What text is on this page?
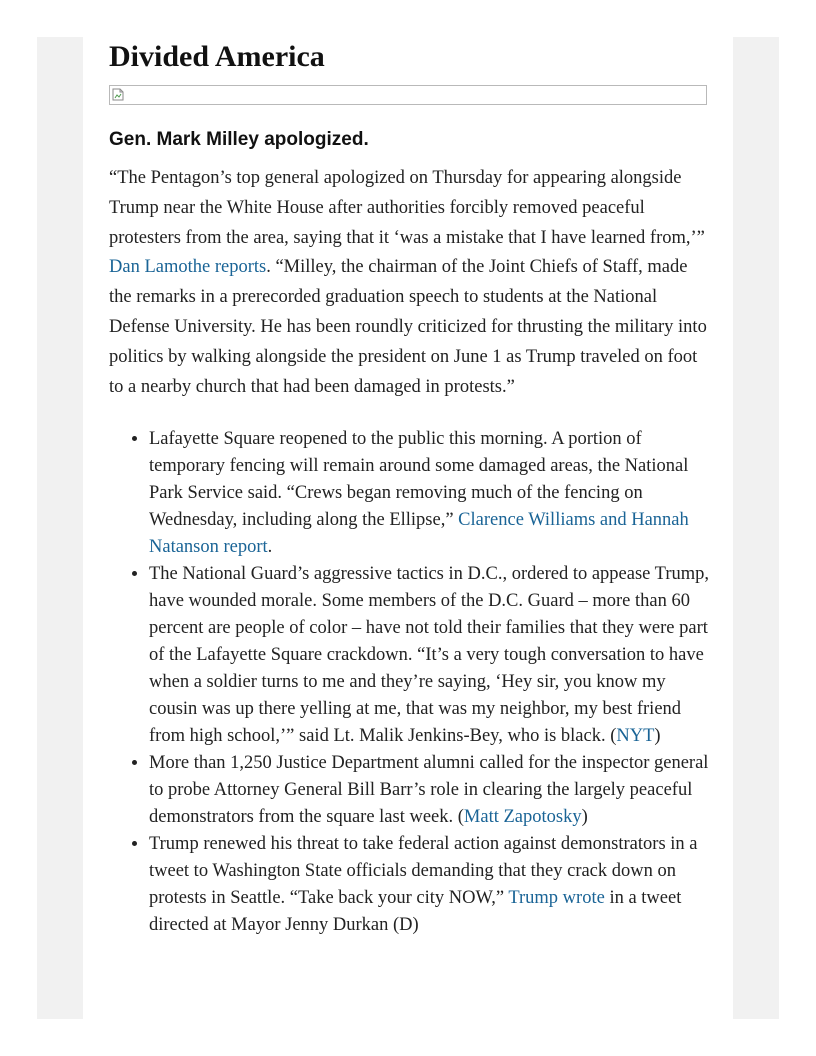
Divided America
Gen. Mark Milley apologized.

“The Pentagon’s top general apologized on Thursday for appearing alongside Trump near the White House after authorities forcibly removed peaceful protesters from the area, saying that it ‘was a mistake that I have learned from,’” Dan Lamothe reports. “Milley, the chairman of the Joint Chiefs of Staff, made the remarks in a prerecorded graduation speech to students at the National Defense University. He has been roundly criticized for thrusting the military into politics by walking alongside the president on June 1 as Trump traveled on foot to a nearby church that had been damaged in protests.”

• Lafayette Square reopened to the public this morning. A portion of temporary fencing will remain around some damaged areas, the National Park Service said. “Crews began removing much of the fencing on Wednesday, including along the Ellipse,” Clarence Williams and Hannah Natanson report.
• The National Guard’s aggressive tactics in D.C., ordered to appease Trump, have wounded morale. Some members of the D.C. Guard – more than 60 percent are people of color – have not told their families that they were part of the Lafayette Square crackdown. “It’s a very tough conversation to have when a soldier turns to me and they’re saying, ‘Hey sir, you know my cousin was up there yelling at me, that was my neighbor, my best friend from high school,’” said Lt. Malik Jenkins-Bey, who is black. (NYT)
• More than 1,250 Justice Department alumni called for the inspector general to probe Attorney General Bill Barr’s role in clearing the largely peaceful demonstrators from the square last week. (Matt Zapotosky)
• Trump renewed his threat to take federal action against demonstrators in a tweet to Washington State officials demanding that they crack down on protests in Seattle. “Take back your city NOW,” Trump wrote in a tweet directed at Mayor Jenny Durkan (D)
